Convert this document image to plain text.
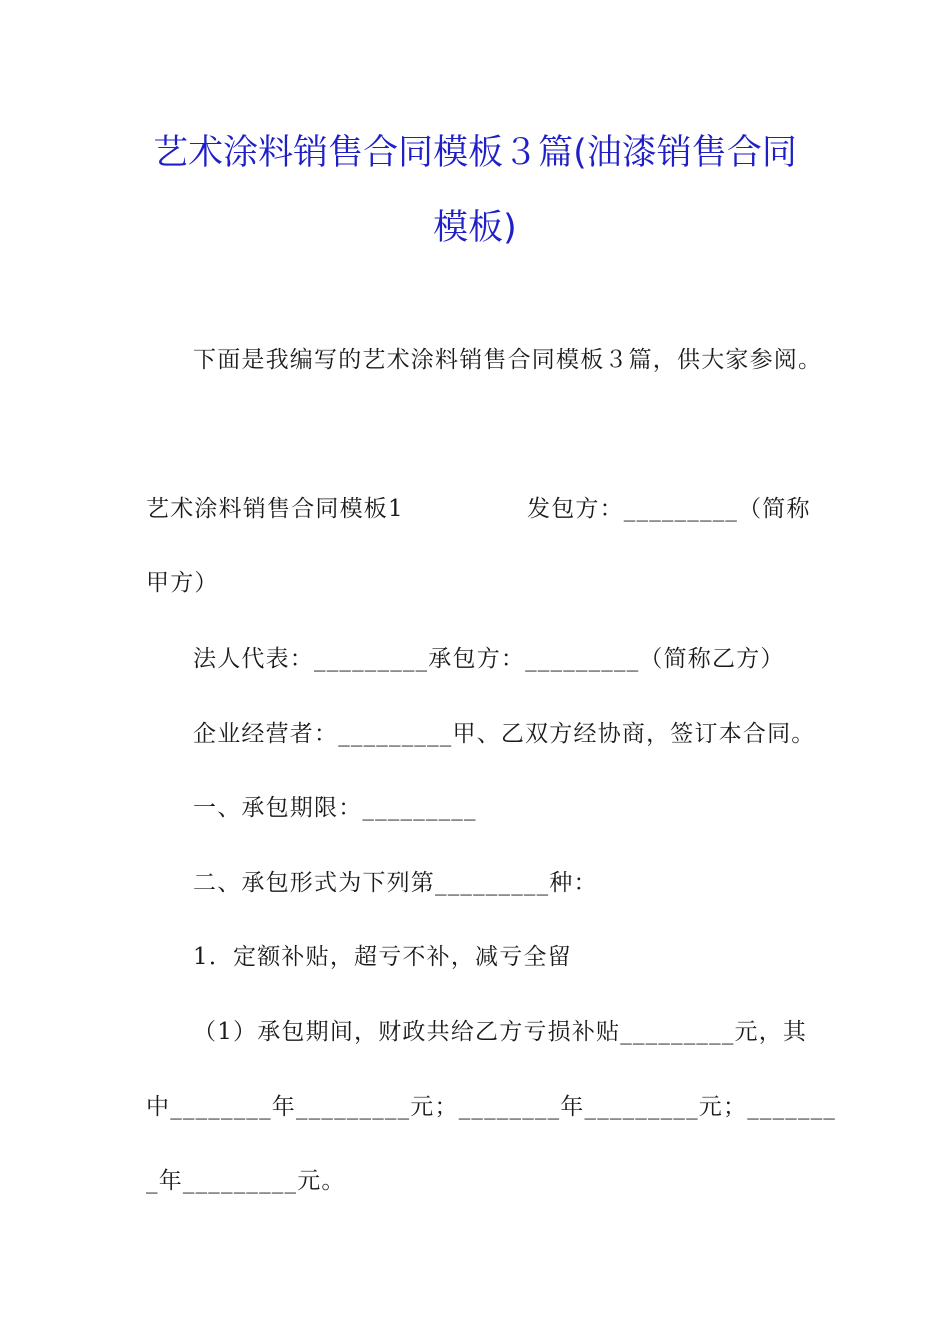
艺术涂料销售合同模板３篇(油漆销售合同
模板)
下面是我编写的艺术涂料销售合同模板３篇，供大家参阅。
艺术涂料销售合同模板1	发包方：_________（简称
甲方）
法人代表：_________承包方：_________（简称乙方）
企业经营者：_________甲、乙双方经协商，签订本合同。
一、承包期限：_________
二、承包形式为下列第_________种：
1．定额补贴，超亏不补，减亏全留
（1）承包期间，财政共给乙方亏损补贴_________元，其
中________年_________元；________年_________元；_______
_年_________元。
